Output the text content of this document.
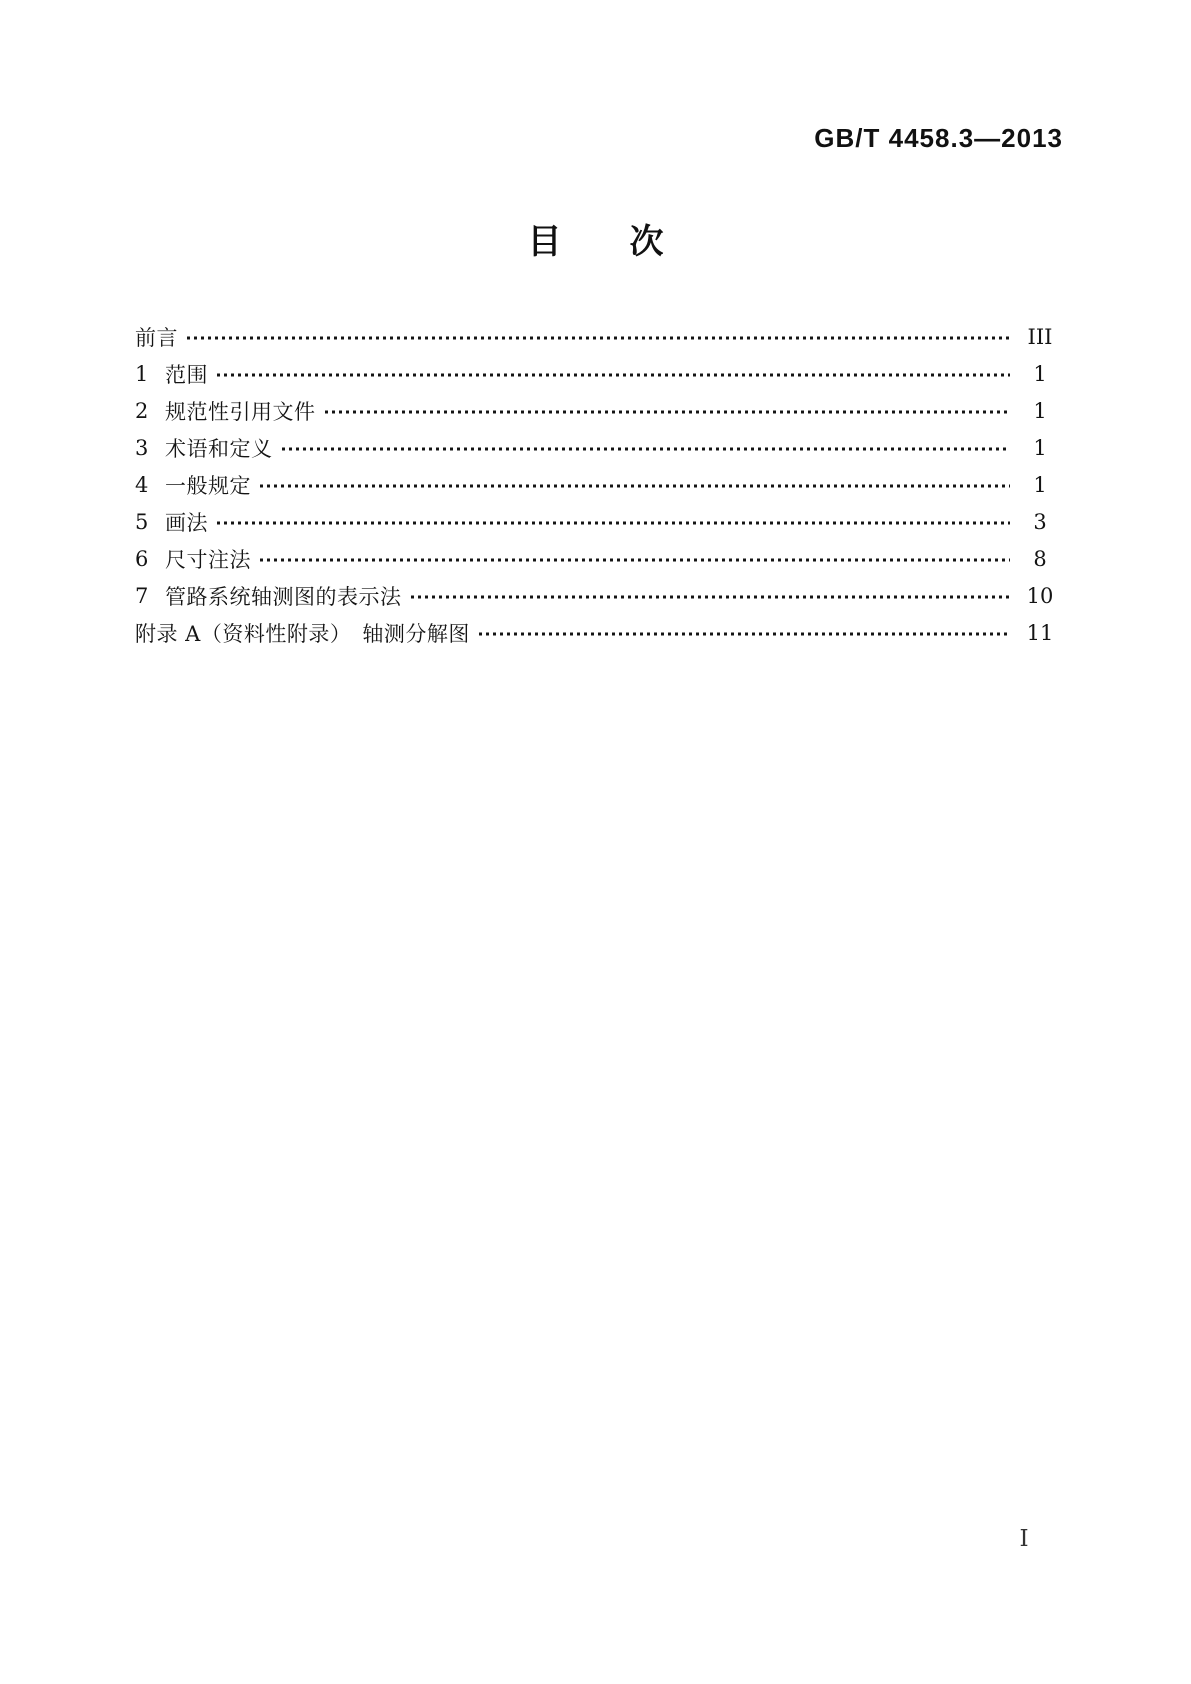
GB/T 4458.3—2013
目　　次
前言	III
1 范围	1
2 规范性引用文件	1
3 术语和定义	1
4 一般规定	1
5 画法	3
6 尺寸注法	8
7 管路系统轴测图的表示法	10
附录 A（资料性附录）　轴测分解图	11
I
